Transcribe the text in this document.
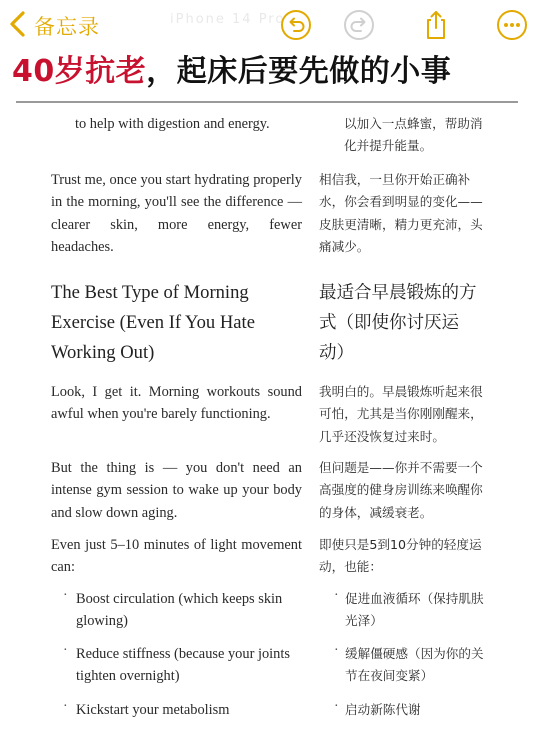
备忘录	iPhone 14 Pro
40岁抗老，起床后要先做的小事
to help with digestion and energy.	以加入一点蜂蜜，帮助消化并提升能量。
Trust me, once you start hydrating properly in the morning, you'll see the difference — clearer skin, more energy, fewer headaches.
相信我，一旦你开始正确补水，你会看到明显的变化——皮肤更清晰，精力更充沛，头痛减少。
The Best Type of Morning Exercise (Even If You Hate Working Out)
最适合早晨锻炼的方式（即使你讨厌运动）
Look, I get it. Morning workouts sound awful when you're barely functioning.
我明白的。早晨锻炼听起来很可怕，尤其是当你刚刚醒来，几乎还没恢复过来时。
But the thing is — you don't need an intense gym session to wake up your body and slow down aging.
但问题是——你并不需要一个高强度的健身房训练来唤醒你的身体，减缓衰老。
Even just 5–10 minutes of light movement can:
即使只是5到10分钟的轻度运动，也能：
· Boost circulation (which keeps skin glowing)
· 促进血液循环（保持肌肤光泽）
· Reduce stiffness (because your joints tighten overnight)
· 缓解僵硬感（因为你的关节在夜间变紧）
· Kickstart your metabolism	· 启动新陈代谢
